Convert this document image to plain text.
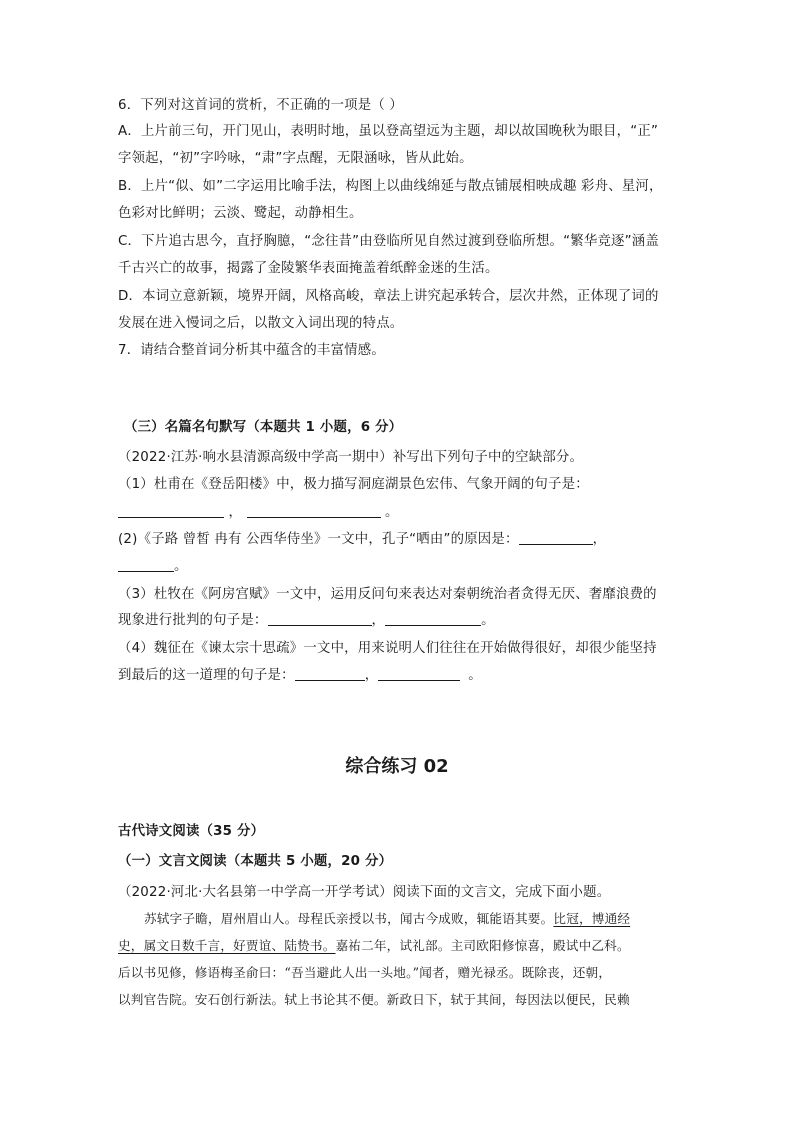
6．下列对这首词的赏析，不正确的一项是（ ）
A．上片前三句，开门见山，表明时地，虽以登高望远为主题，却以故国晚秋为眼目，“正”
字领起，“初”字吟咏，“肃”字点醒，无限涵咏，皆从此始。
B．上片“似、如”二字运用比喻手法，构图上以曲线绵延与散点铺展相映成趣 彩舟、星河，
色彩对比鲜明；云淡、鹭起，动静相生。
C．下片追古思今，直抒胸臆，“念往昔”由登临所见自然过渡到登临所想。“繁华竞逐”涵盖
千古兴亡的故事，揭露了金陵繁华表面掩盖着纸醉金迷的生活。
D．本词立意新颖，境界开阔，风格高峻，章法上讲究起承转合，层次井然，正体现了词的
发展在进入慢词之后，以散文入词出现的特点。
7．请结合整首词分析其中蕴含的丰富情感。
（三）名篇名句默写（本题共 1 小题，6 分）
（2022·江苏·响水县清源高级中学高一期中）补写出下列句子中的空缺部分。
（1）杜甫在《登岳阳楼》中，极力描写洞庭湖景色宏伟、气象开阔的句子是：
，	。
(2)《子路 曾皙 冉有 公西华侍坐》一文中，孔子“哂由”的原因是：	，
。
（3）杜牧在《阿房宫赋》一文中，运用反问句来表达对秦朝统治者贪得无厌、奢靡浪费的
现象进行批判的句子是：	，	。
（4）魏征在《谏太宗十思疏》一文中，用来说明人们往往在开始做得很好，却很少能坚持
到最后的这一道理的句子是：	，	。
综合练习 02
古代诗文阅读（35 分）
（一）文言文阅读（本题共 5 小题，20 分）
（2022·河北·大名县第一中学高一开学考试）阅读下面的文言文，完成下面小题。
苏轼字子瞻，眉州眉山人。母程氏亲授以书，闻古今成败，辄能语其要。比冠，博通经
史，属文日数千言，好贾谊、陆贽书。嘉祐二年，试礼部。主司欧阳修惊喜，殿试中乙科。
后以书见修，修语梅圣俞曰：“吾当避此人出一头地。”闻者，赠光禄丞。既除丧，还朝，
以判官告院。安石创行新法。轼上书论其不便。新政日下，轼于其间，每因法以便民，民赖
